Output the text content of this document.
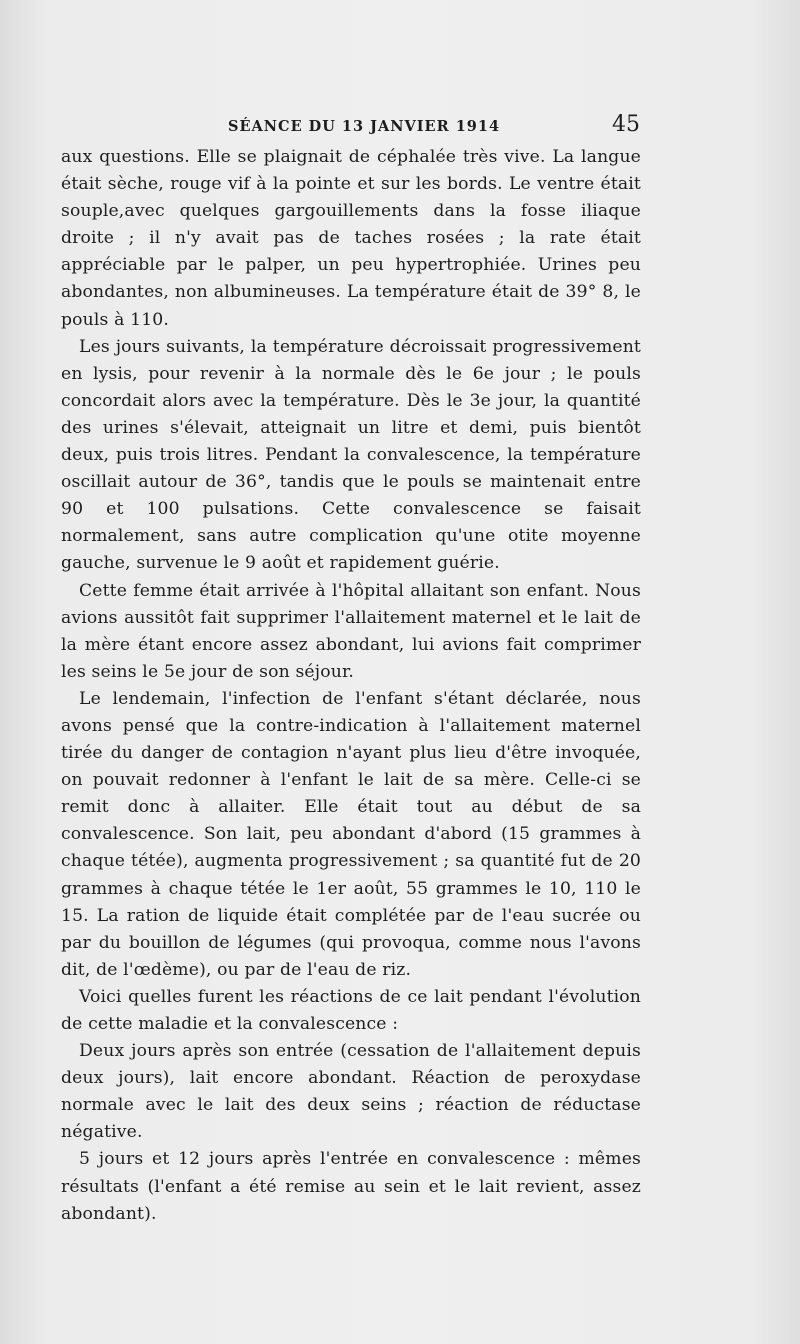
SÉANCE DU 13 JANVIER 1914	45

aux questions. Elle se plaignait de céphalée très vive. La langue était sèche, rouge vif à la pointe et sur les bords. Le ventre était souple,avec quelques gargouillements dans la fosse iliaque droite ; il n'y avait pas de taches rosées ; la rate était appréciable par le palper, un peu hypertrophiée. Urines peu abondantes, non albumineuses. La température était de 39° 8, le pouls à 110.

Les jours suivants, la température décroissait progressivement en lysis, pour revenir à la normale dès le 6e jour ; le pouls concordait alors avec la température. Dès le 3e jour, la quantité des urines s'élevait, atteignait un litre et demi, puis bientôt deux, puis trois litres. Pendant la convalescence, la température oscillait autour de 36°, tandis que le pouls se maintenait entre 90 et 100 pulsations. Cette convalescence se faisait normalement, sans autre complication qu'une otite moyenne gauche, survenue le 9 août et rapidement guérie.

Cette femme était arrivée à l'hôpital allaitant son enfant. Nous avions aussitôt fait supprimer l'allaitement maternel et le lait de la mère étant encore assez abondant, lui avions fait comprimer les seins le 5e jour de son séjour.

Le lendemain, l'infection de l'enfant s'étant déclarée, nous avons pensé que la contre-indication à l'allaitement maternel tirée du danger de contagion n'ayant plus lieu d'être invoquée, on pouvait redonner à l'enfant le lait de sa mère. Celle-ci se remit donc à allaiter. Elle était tout au début de sa convalescence. Son lait, peu abondant d'abord (15 grammes à chaque tétée), augmenta progressivement ; sa quantité fut de 20 grammes à chaque tétée le 1er août, 55 grammes le 10, 110 le 15. La ration de liquide était complétée par de l'eau sucrée ou par du bouillon de légumes (qui provoqua, comme nous l'avons dit, de l'œdème), ou par de l'eau de riz.

Voici quelles furent les réactions de ce lait pendant l'évolution de cette maladie et la convalescence :

Deux jours après son entrée (cessation de l'allaitement depuis deux jours), lait encore abondant. Réaction de peroxydase normale avec le lait des deux seins ; réaction de réductase négative.

5 jours et 12 jours après l'entrée en convalescence : mêmes résultats (l'enfant a été remise au sein et le lait revient, assez abondant).
